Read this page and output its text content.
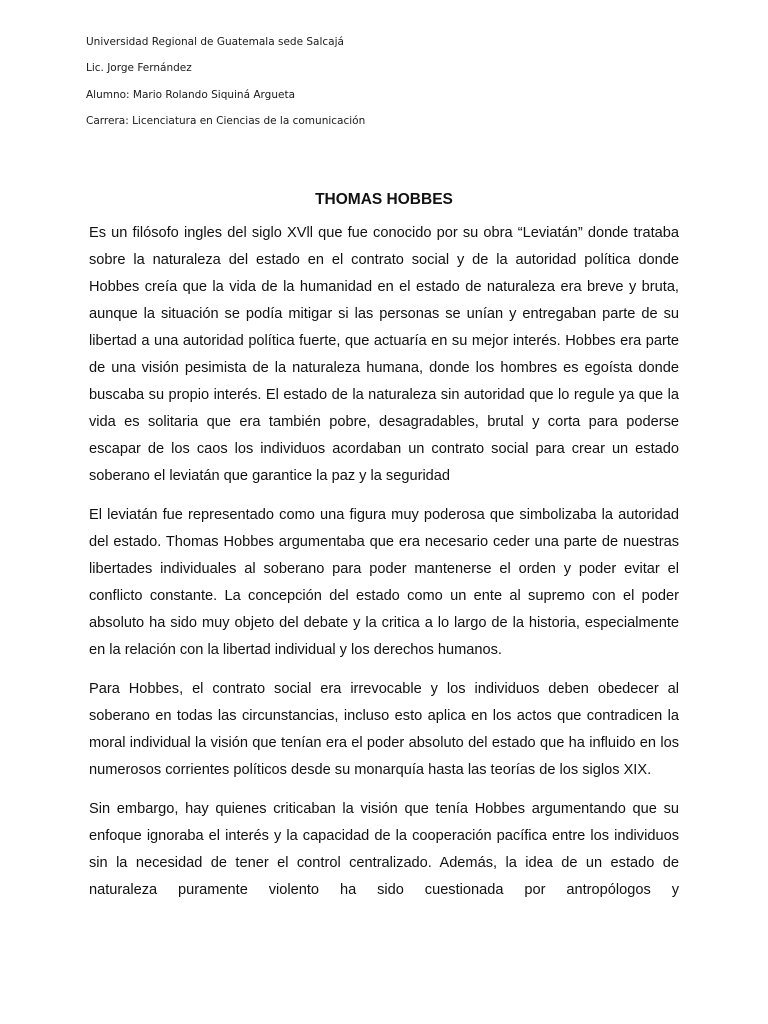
Universidad Regional de Guatemala sede Salcajá
Lic. Jorge Fernández
Alumno: Mario Rolando Siquiná Argueta
Carrera: Licenciatura en Ciencias de la comunicación
THOMAS HOBBES

Es un filósofo ingles del siglo XVll que fue conocido por su obra “Leviatán” donde trataba sobre la naturaleza del estado en el contrato social y de la autoridad política donde Hobbes creía que la vida de la humanidad en el estado de naturaleza era breve y bruta, aunque la situación se podía mitigar si las personas se unían y entregaban parte de su libertad a una autoridad política fuerte, que actuaría en su mejor interés. Hobbes era parte de una visión pesimista de la naturaleza humana, donde los hombres es egoísta donde buscaba su propio interés. El estado de la naturaleza sin autoridad que lo regule ya que la vida es solitaria que era también pobre, desagradables, brutal y corta para poderse escapar de los caos los individuos acordaban un contrato social para crear un estado soberano el leviatán que garantice la paz y la seguridad

El leviatán fue representado como una figura muy poderosa que simbolizaba la autoridad del estado. Thomas Hobbes argumentaba que era necesario ceder una parte de nuestras libertades individuales al soberano para poder mantenerse el orden y poder evitar el conflicto constante. La concepción del estado como un ente al supremo con el poder absoluto ha sido muy objeto del debate y la critica a lo largo de la historia, especialmente en la relación con la libertad individual y los derechos humanos.

Para Hobbes, el contrato social era irrevocable y los individuos deben obedecer al soberano en todas las circunstancias, incluso esto aplica en los actos que contradicen la moral individual la visión que tenían era el poder absoluto del estado que ha influido en los numerosos corrientes políticos desde su monarquía hasta las teorías de los siglos XIX.

Sin embargo, hay quienes criticaban la visión que tenía Hobbes argumentando que su enfoque ignoraba el interés y la capacidad de la cooperación pacífica entre los individuos sin la necesidad de tener el control centralizado. Además, la idea de un estado de naturaleza puramente violento ha sido cuestionada por antropólogos y
